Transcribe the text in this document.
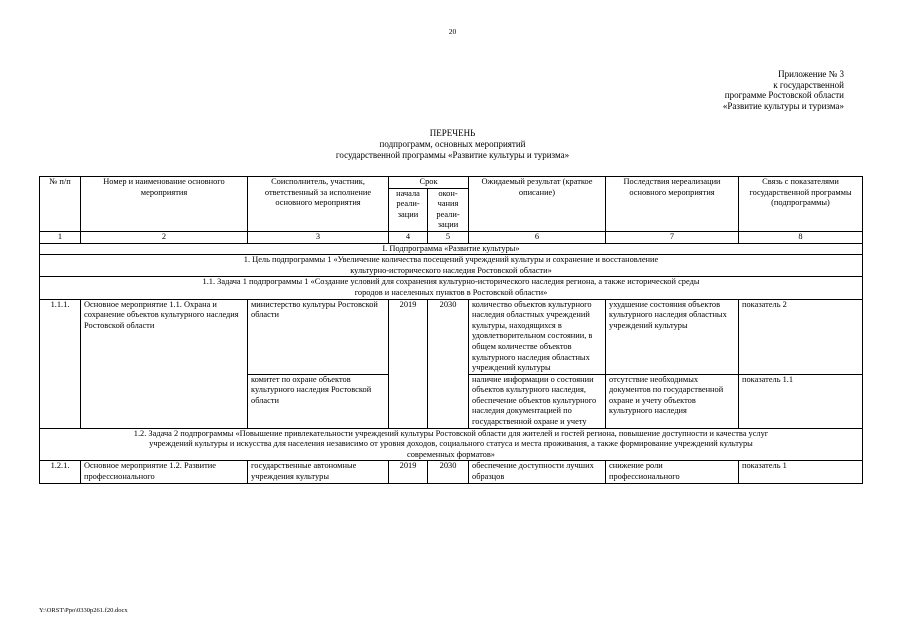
20
Приложение № 3
к государственной
программе Ростовской области
«Развитие культуры и туризма»
ПЕРЕЧЕНЬ
подпрограмм, основных мероприятий
государственной программы «Развитие культуры и туризма»
№ п/п	Номер и наименование основного мероприятия	Соисполнитель, участник, ответственный за исполнение основного мероприятия	Срок		Ожидаемый результат (краткое описание)	Последствия нереализации основного мероприятия	Связь с показателями государственной программы (подпрограммы)
			начала реали-зации	окон-чания реали-зации			
1	2	3	4	5	6	7	8
I. Подпрограмма «Развитие культуры»							
1. Цель подпрограммы 1 «Увеличение количества посещений учреждений культуры и сохранение и восстановление культурно-исторического наследия Ростовской области»							
1.1. Задача 1 подпрограммы 1 «Создание условий для сохранения культурно-исторического наследия региона, а также исторической среды городов и населенных пунктов в Ростовской области»							
1.1.1.	Основное мероприятие 1.1. Охрана и сохранение объектов культурного наследия Ростовской области	министерство культуры Ростовской области	2019	2030	количество объектов культурного наследия областных учреждений культуры, находящихся в удовлетворительном состоянии, в общем количестве объектов культурного наследия областных учреждений культуры	ухудшение состояния объектов культурного наследия областных учреждений культуры	показатель 2
		комитет по охране объектов культурного наследия Ростовской области			наличие информации о состоянии объектов культурного наследия, обеспечение объектов культурного наследия документацией по государственной охране и учету	отсутствие необходимых документов по государственной охране и учету объектов культурного наследия	показатель 1.1
1.2. Задача 2 подпрограммы «Повышение привлекательности учреждений культуры Ростовской области для жителей и гостей региона, повышение доступности и качества услуг учреждений культуры и искусства для населения независимо от уровня доходов, социального статуса и места проживания, а также формирование учреждений культуры современных форматов»							
1.2.1.	Основное мероприятие 1.2. Развитие профессионального	государственные автономные учреждения культуры	2019	2030	обеспечение доступности лучших образцов	снижение роли профессионального	показатель 1
Y:\ORST\Ppo\0330p261.f20.docx
